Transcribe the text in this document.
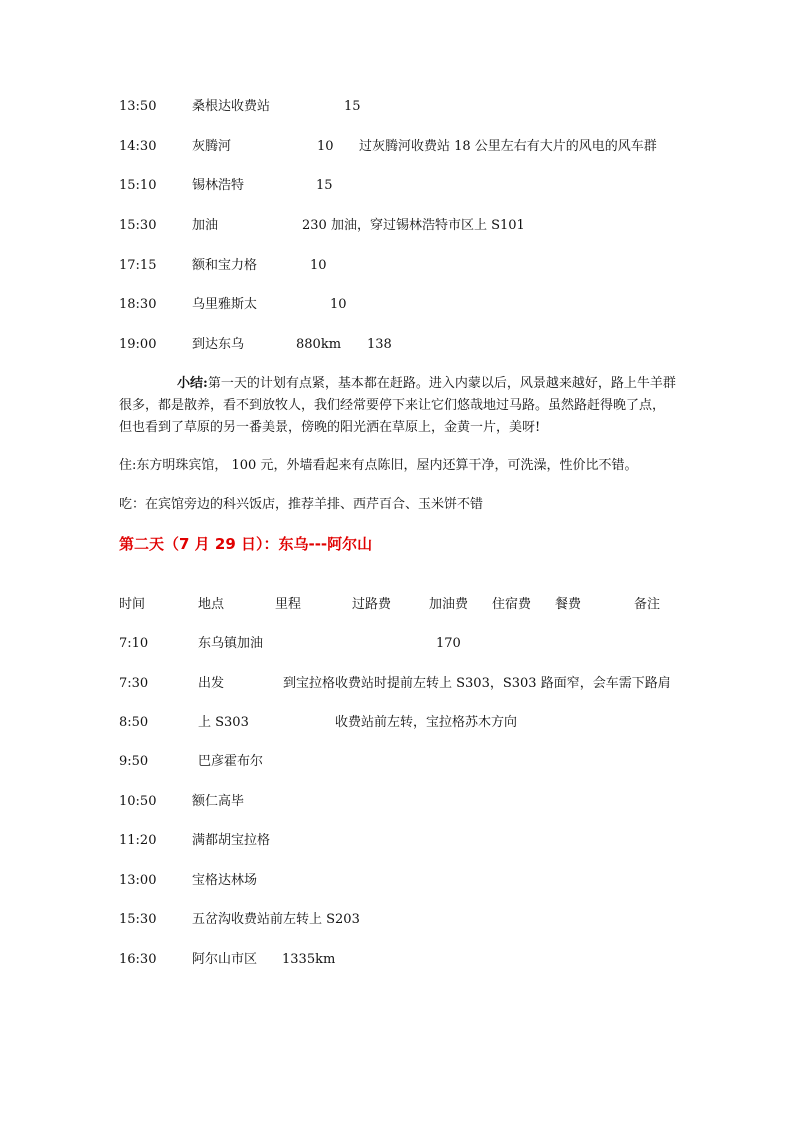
13:50	桑根达收费站	15
14:30	灰腾河	10 过灰腾河收费站 18 公里左右有大片的风电的风车群
15:10	锡林浩特	15
15:30	加油	230 加油，穿过锡林浩特市区上 S101
17:15	额和宝力格	10
18:30	乌里雅斯太	10
19:00	到达东乌	880km 138
小结:第一天的计划有点紧，基本都在赶路。进入内蒙以后，风景越来越好，路上牛羊群很多，都是散养，看不到放牧人，我们经常要停下来让它们悠哉地过马路。虽然路赶得晚了点，但也看到了草原的另一番美景，傍晚的阳光洒在草原上，金黄一片，美呀!
住:东方明珠宾馆， 100 元，外墙看起来有点陈旧，屋内还算干净，可洗澡，性价比不错。
吃：在宾馆旁边的科兴饭店，推荐羊排、西芹百合、玉米饼不错
第二天（7 月 29 日）：东乌---阿尔山
时间	地点	里程	过路费	加油费 住宿费 餐费	备注
7:10	东乌镇加油	170
7:30	出发	到宝拉格收费站时提前左转上 S303，S303 路面窄，会车需下路肩
8:50	上 S303	收费站前左转，宝拉格苏木方向
9:50	巴彦霍布尔
10:50	额仁高毕
11:20	满都胡宝拉格
13:00	宝格达林场
15:30	五岔沟收费站前左转上 S203
16:30	阿尔山市区 1335km
